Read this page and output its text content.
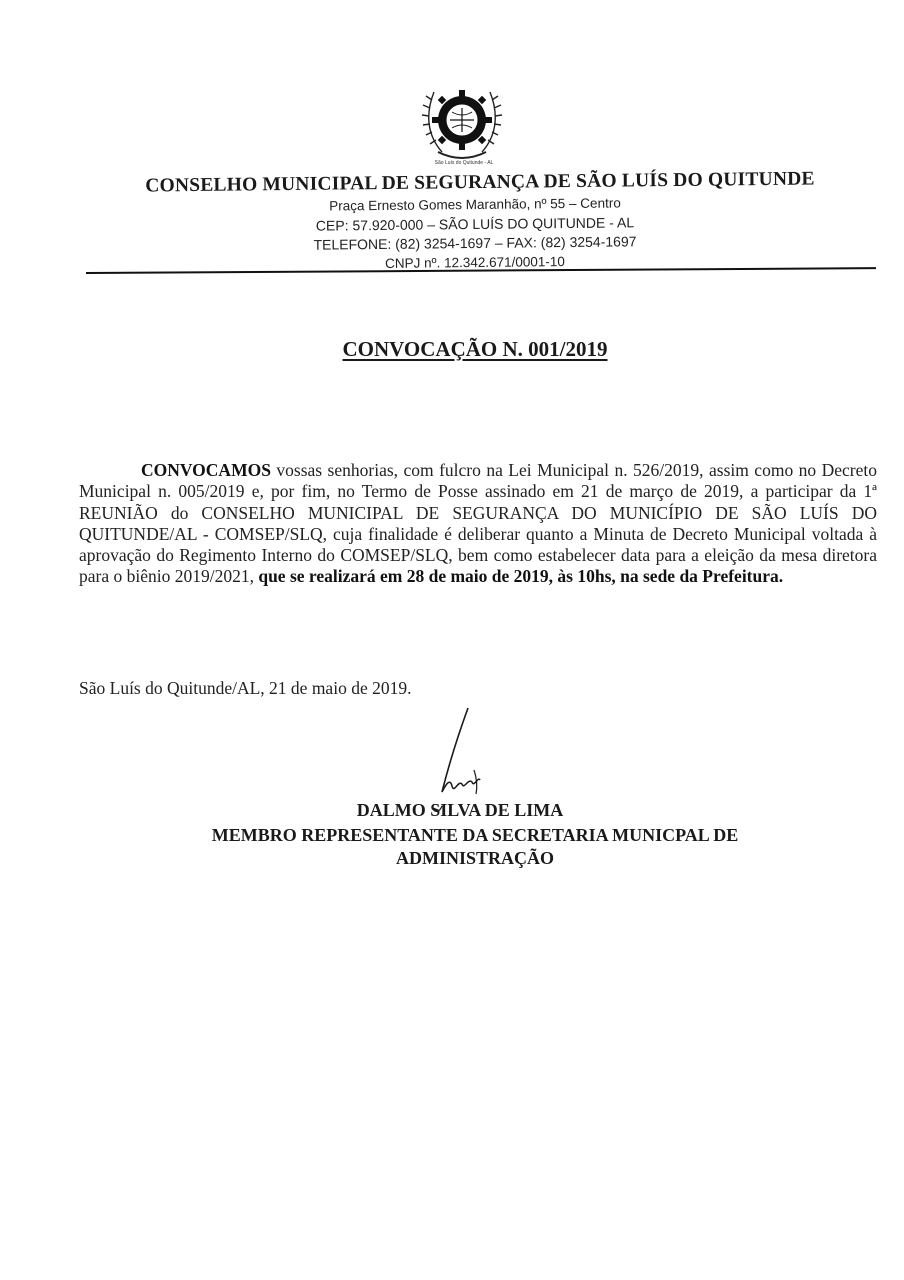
São Luís do Quitunde - AL
CONSELHO MUNICIPAL DE SEGURANÇA DE SÃO LUÍS DO QUITUNDE
Praça Ernesto Gomes Maranhão, nº 55 – Centro
CEP: 57.920-000 – SÃO LUÍS DO QUITUNDE - AL
TELEFONE: (82) 3254-1697 – FAX: (82) 3254-1697
CNPJ nº. 12.342.671/0001-10
CONVOCAÇÃO N. 001/2019
CONVOCAMOS vossas senhorias, com fulcro na Lei Municipal n. 526/2019, assim como no Decreto Municipal n. 005/2019 e, por fim, no Termo de Posse assinado em 21 de março de 2019, a participar da 1ª REUNIÃO do CONSELHO MUNICIPAL DE SEGURANÇA DO MUNICÍPIO DE SÃO LUÍS DO QUITUNDE/AL - COMSEP/SLQ, cuja finalidade é deliberar quanto a Minuta de Decreto Municipal voltada à aprovação do Regimento Interno do COMSEP/SLQ, bem como estabelecer data para a eleição da mesa diretora para o biênio 2019/2021, que se realizará em 28 de maio de 2019, às 10hs, na sede da Prefeitura.
São Luís do Quitunde/AL, 21 de maio de 2019.
DALMO SILVA DE LIMA
MEMBRO REPRESENTANTE DA SECRETARIA MUNICPAL DE ADMINISTRAÇÃO
